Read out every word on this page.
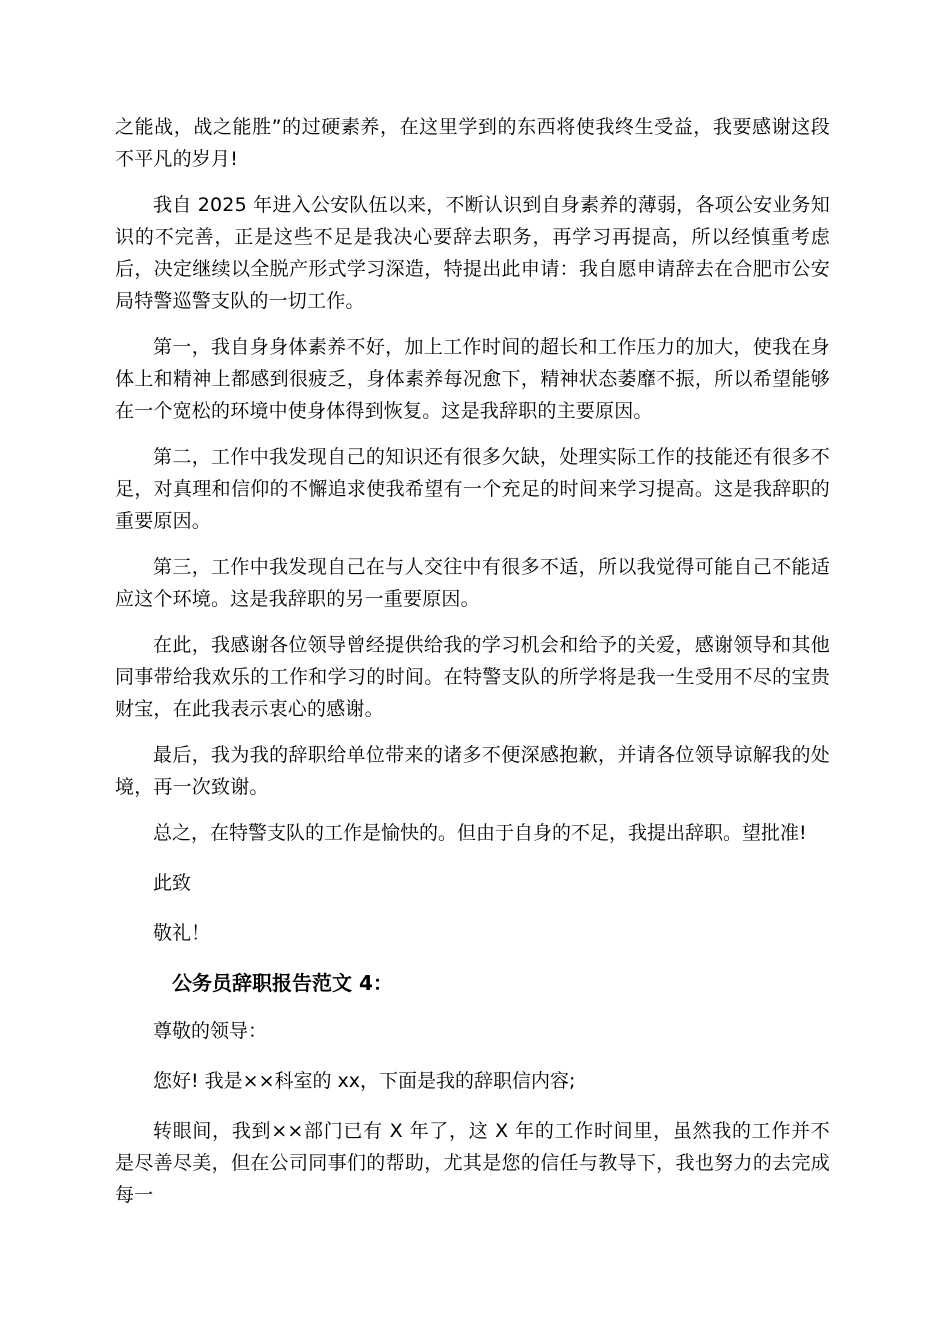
之能战，战之能胜”的过硬素养，在这里学到的东西将使我终生受益，我要感谢这段不平凡的岁月!

我自 2025 年进入公安队伍以来，不断认识到自身素养的薄弱，各项公安业务知识的不完善，正是这些不足是我决心要辞去职务，再学习再提高，所以经慎重考虑后，决定继续以全脱产形式学习深造，特提出此申请：我自愿申请辞去在合肥市公安局特警巡警支队的一切工作。

第一，我自身身体素养不好，加上工作时间的超长和工作压力的加大，使我在身体上和精神上都感到很疲乏，身体素养每况愈下，精神状态萎靡不振，所以希望能够在一个宽松的环境中使身体得到恢复。这是我辞职的主要原因。

第二，工作中我发现自己的知识还有很多欠缺，处理实际工作的技能还有很多不足，对真理和信仰的不懈追求使我希望有一个充足的时间来学习提高。这是我辞职的重要原因。

第三，工作中我发现自己在与人交往中有很多不适，所以我觉得可能自己不能适应这个环境。这是我辞职的另一重要原因。

在此，我感谢各位领导曾经提供给我的学习机会和给予的关爱，感谢领导和其他同事带给我欢乐的工作和学习的时间。在特警支队的所学将是我一生受用不尽的宝贵财宝，在此我表示衷心的感谢。

最后，我为我的辞职给单位带来的诸多不便深感抱歉，并请各位领导谅解我的处境，再一次致谢。

总之，在特警支队的工作是愉快的。但由于自身的不足，我提出辞职。望批准!

此致

敬礼！

公务员辞职报告范文 4：

尊敬的领导：

您好! 我是××科室的 xx，下面是我的辞职信内容;

转眼间，我到××部门已有 X 年了，这 X 年的工作时间里，虽然我的工作并不是尽善尽美，但在公司同事们的帮助，尤其是您的信任与教导下，我也努力的去完成每一
